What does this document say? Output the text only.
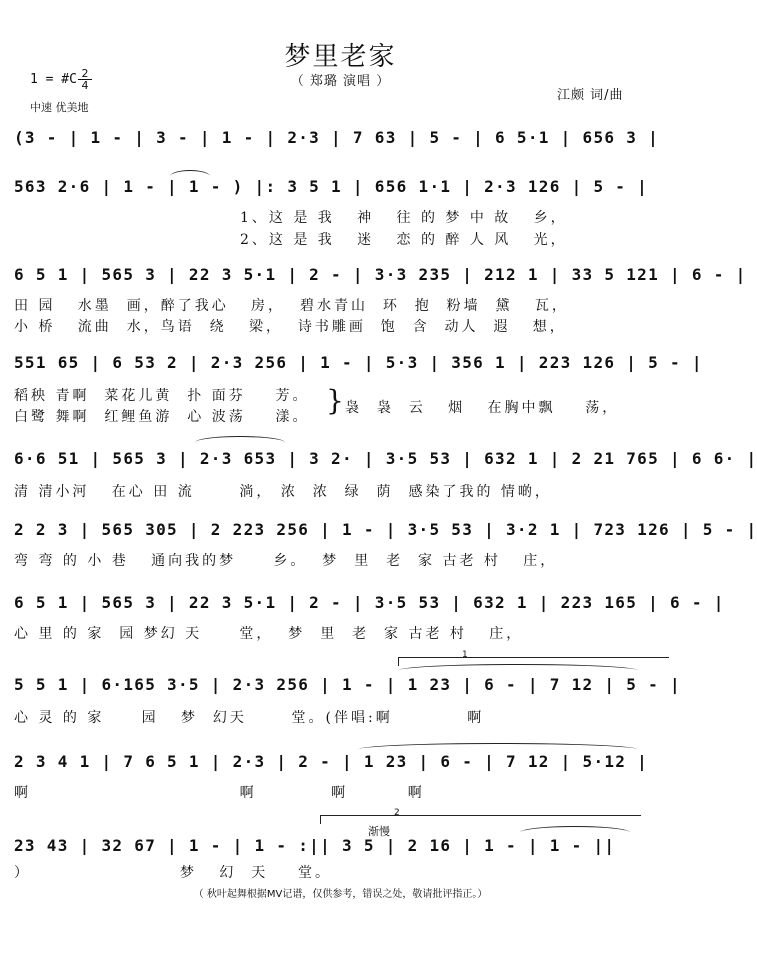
梦里老家
（ 郑璐 演唱 ）
1 = #C 2
4
中速 优美地
江颇 词/曲
(3 - | 1 - | 3 - | 1 - | 2·3 | 7 63 | 5 - | 6 5·1 | 656 3 |
563 2·6 | 1 - | 1 - ) |: 3 5 1 | 656 1·1 | 2·3 126 | 5 - |
1、这 是 我   神   往 的 梦 中 故   乡，
2、这 是 我   迷   恋 的 醉 人 风   光，
6 5 1 | 565 3 | 22 3 5·1 | 2 - | 3·3 235 | 212 1 | 33 5 121 | 6 - |
田 园   水墨  画，醉了我心   房，  碧水青山  环  抱  粉墙  黛   瓦，
小 桥   流曲  水，鸟语  绕   梁，  诗书雕画  饱  含  动人  遐   想，
551 65 | 6 53 2 | 2·3 256 | 1 - | 5·3 | 356 1 | 223 126 | 5 - |
稻秧 青啊  菜花儿黄  扑 面芬    芳。
白鹭 舞啊  红鲤鱼游  心 波荡    漾。 } 袅  袅  云   烟   在胸中飘    荡，
6·6 51 | 565 3 | 2·3 653 | 3 2· | 3·5 53 | 632 1 | 2 21 765 | 6 6· |
清 清小河   在心 田 流      淌， 浓  浓  绿  荫  感染了我的 情啲，
2 2 3 | 565 305 | 2 223 256 | 1 - | 3·5 53 | 3·2 1 | 723 126 | 5 - |
弯 弯 的 小 巷   通向我的梦     乡。  梦  里  老  家 古老 村   庄，
6 5 1 | 565 3 | 22 3 5·1 | 2 - | 3·5 53 | 632 1 | 223 165 | 6 - |
心 里 的 家  园 梦幻 天     堂，  梦  里  老  家 古老 村   庄，
1
5 5 1 | 6·165 3·5 | 2·3 256 | 1 - | 1 23 | 6 - | 7 12 | 5 - |
心 灵 的 家     园   梦  幻天      堂。(伴唱:啊          啊
2 3 4 1 | 7 6 5 1 | 2·3 | 2 - | 1 23 | 6 - | 7 12 | 5·12 |
啊                            啊          啊        啊
2
渐慢
23 43 | 32 67 | 1 - | 1 - :|| 3 5 | 2 16 | 1 - | 1 - ||
）                    梦   幻  天    堂。
（ 秋叶起舞根据MV记谱，仅供参考，错误之处，敬请批评指正。）
